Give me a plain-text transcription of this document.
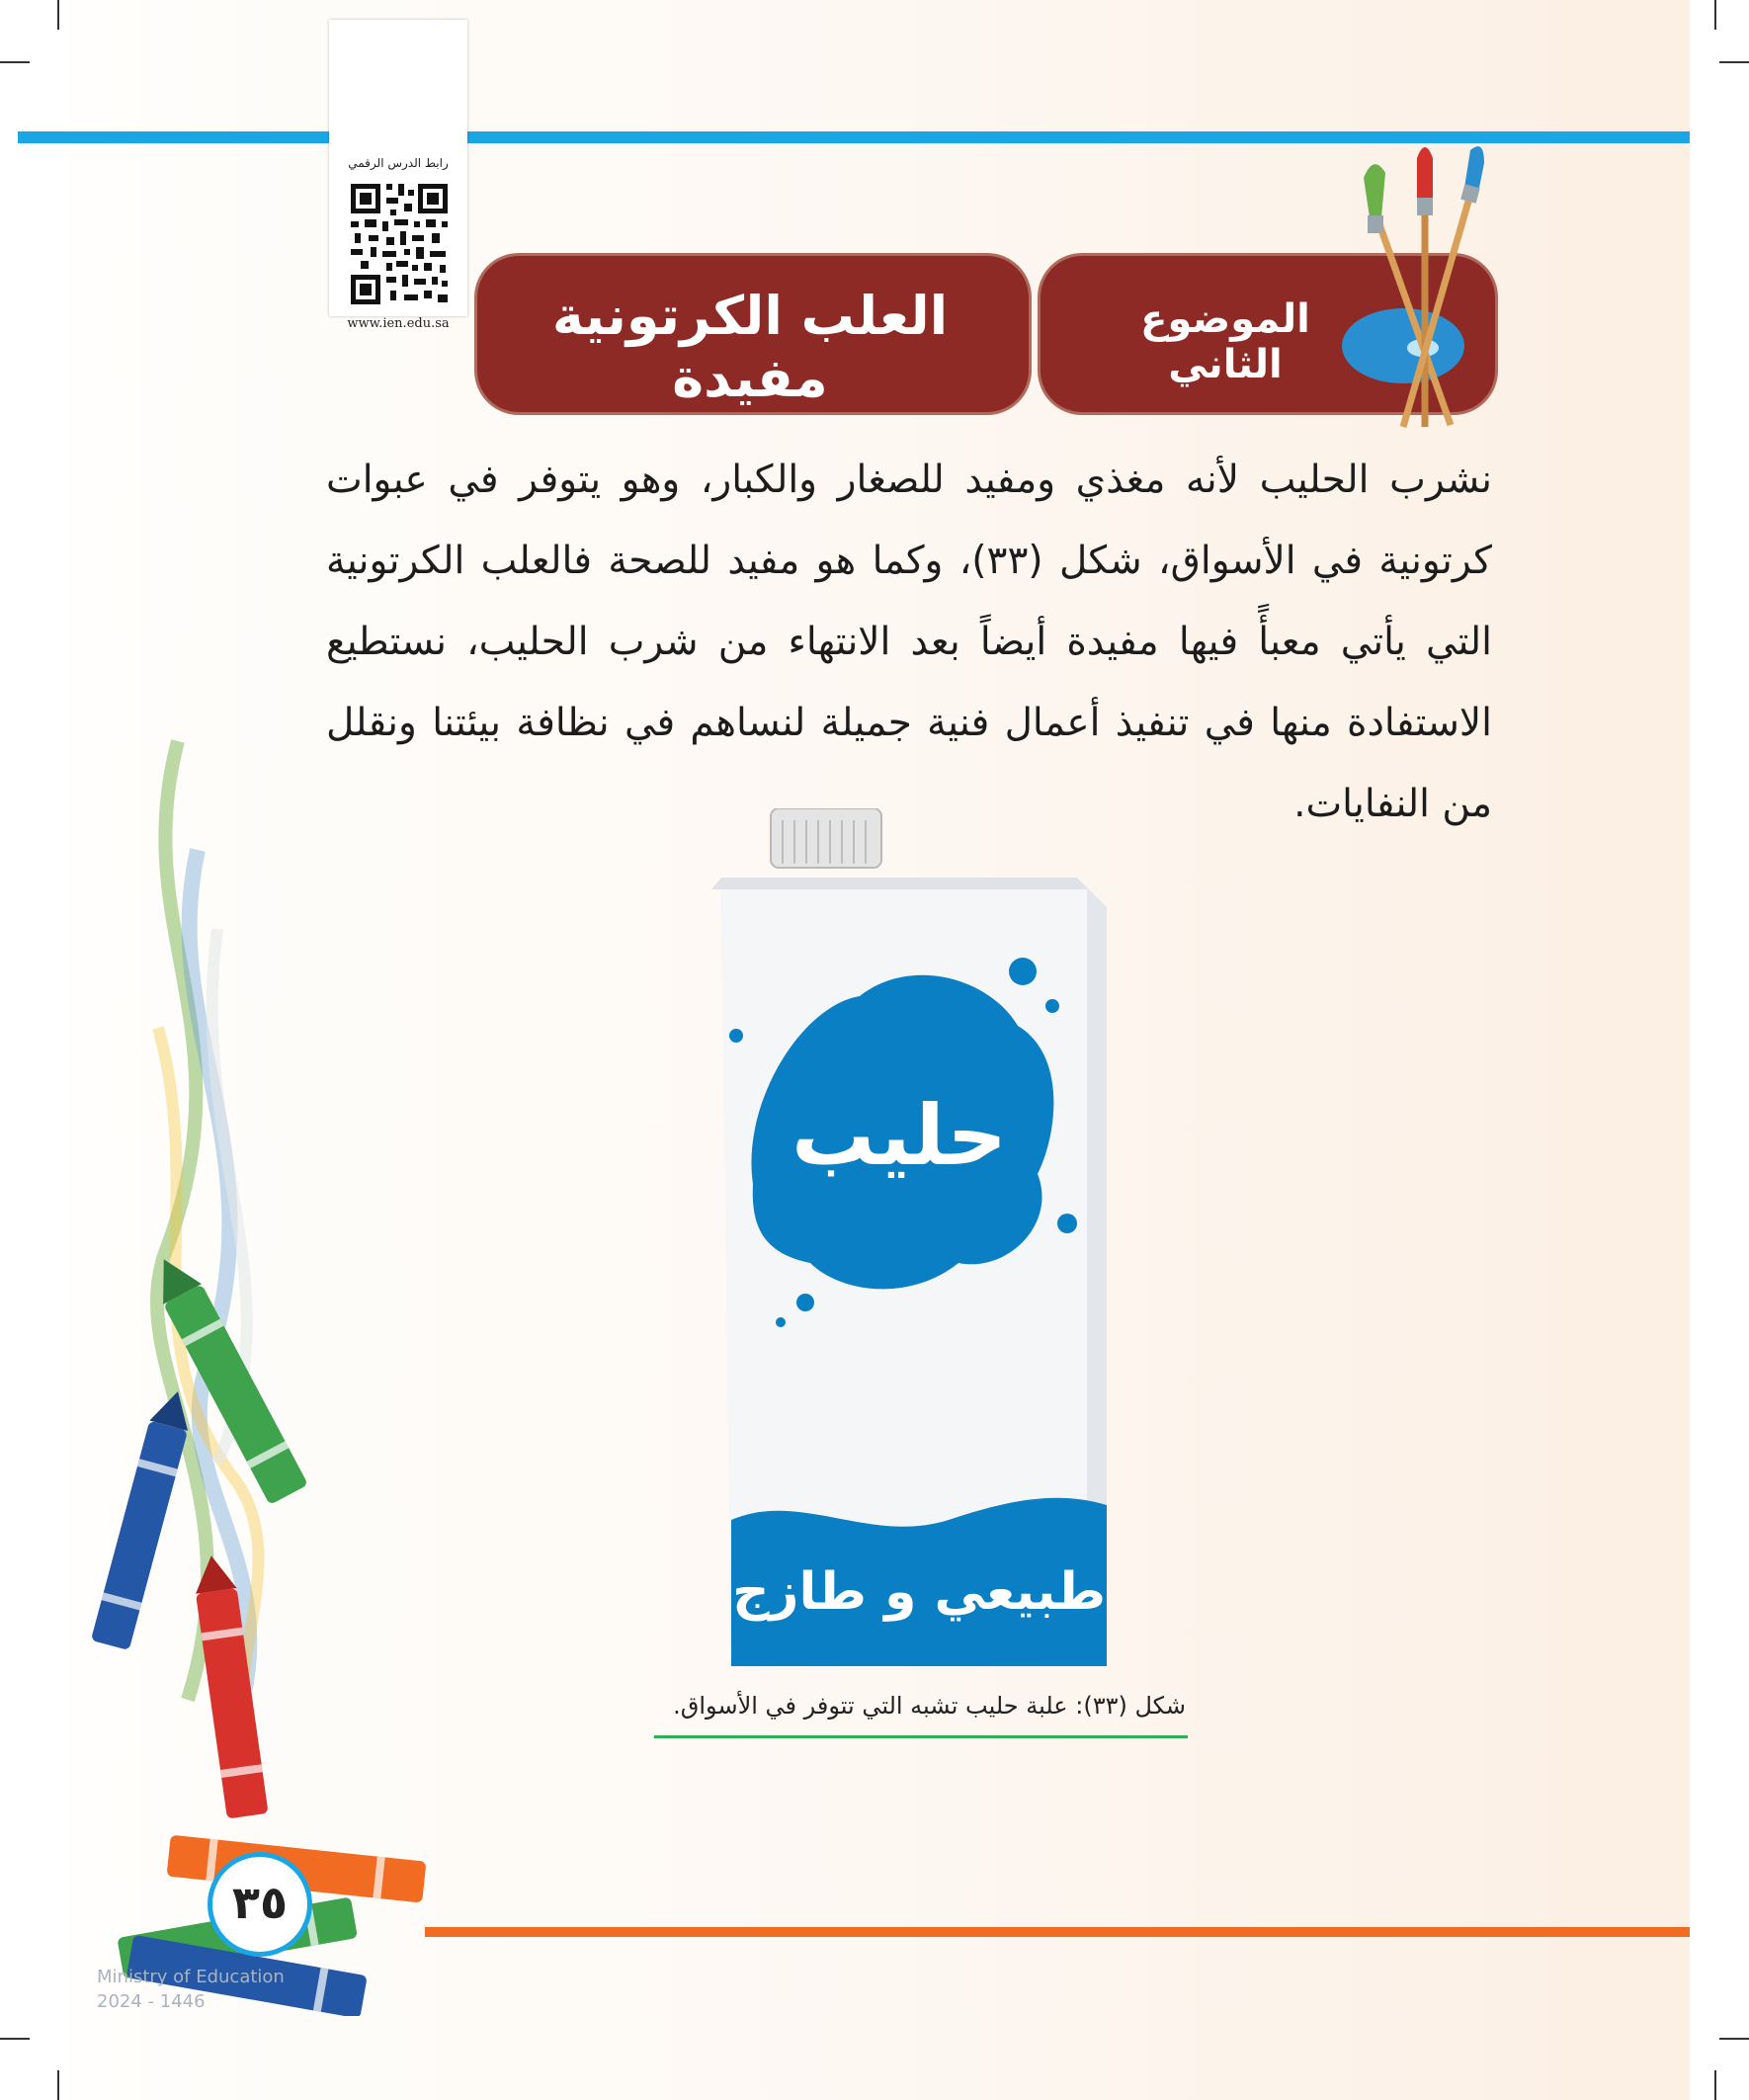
رابط الدرس الرقمي
www.ien.edu.sa	العلب الكرتونية مفيدة
الموضوع الثاني
نشرب الحليب لأنه مغذي ومفيد للصغار والكبار، وهو يتوفر في عبوات كرتونية في الأسواق، شكل (٣٣)، وكما هو مفيد للصحة فالعلب الكرتونية التي يأتي معبأً فيها مفيدة أيضاً بعد الانتهاء من شرب الحليب، نستطيع الاستفادة منها في تنفيذ أعمال فنية جميلة لنساهم في نظافة بيئتنا ونقلل من النفايات.
حليب
طبيعي و طازج
شكل (٣٣): علبة حليب تشبه التي تتوفر في الأسواق.
٣٥
Ministry of Education
2024 - 1446
